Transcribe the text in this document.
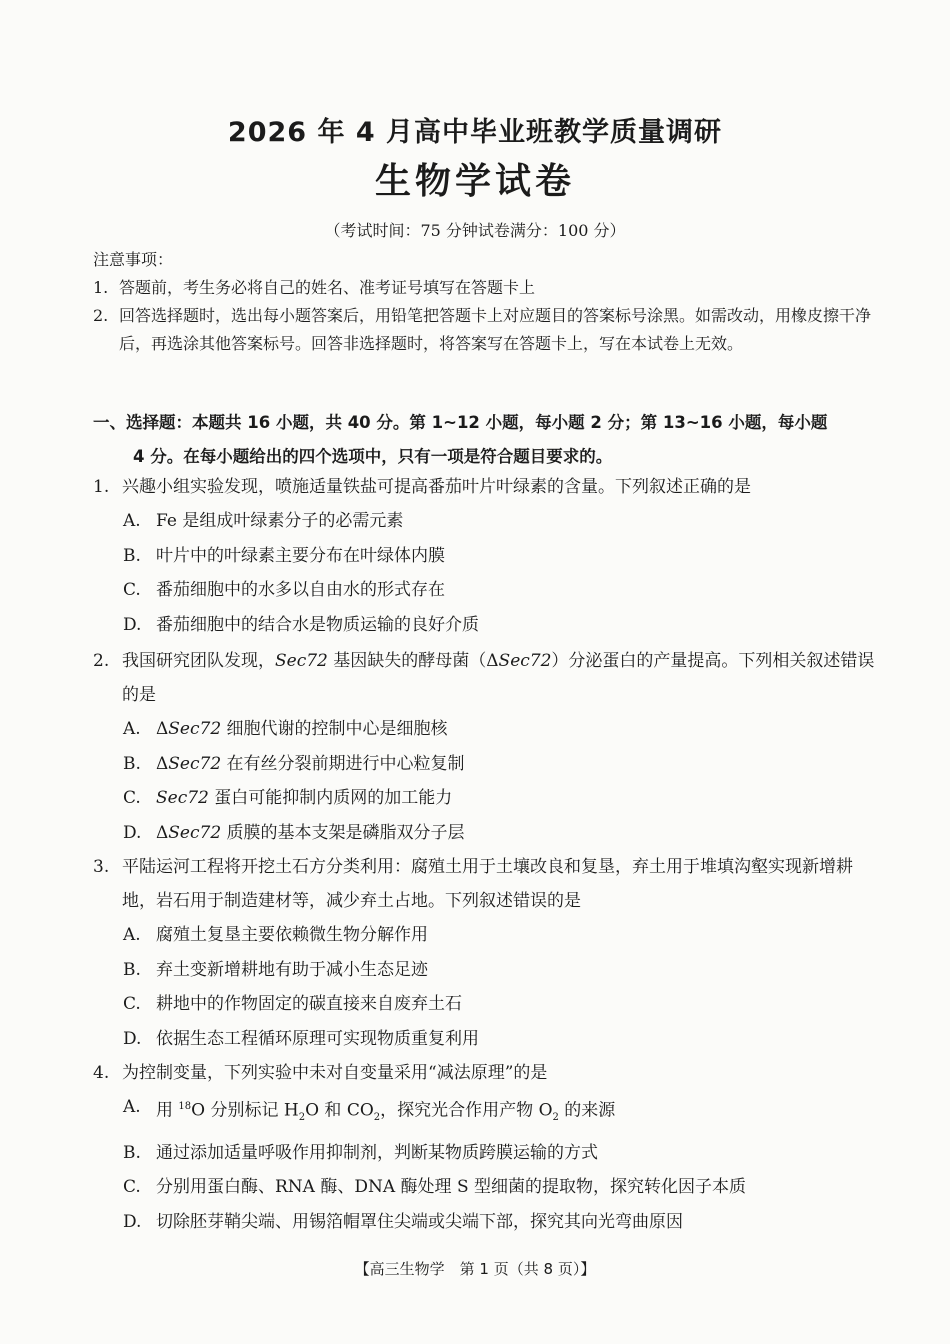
2026 年 4 月高中毕业班教学质量调研
生物学试卷
（考试时间：75 分钟试卷满分：100 分）
注意事项：
1. 答题前，考生务必将自己的姓名、准考证号填写在答题卡上
2. 回答选择题时，选出每小题答案后，用铅笔把答题卡上对应题目的答案标号涂黑。如需改动，用橡皮擦干净后，再选涂其他答案标号。回答非选择题时，将答案写在答题卡上，写在本试卷上无效。
一、选择题：本题共 16 小题，共 40 分。第 1~12 小题，每小题 2 分；第 13~16 小题，每小题
4 分。在每小题给出的四个选项中，只有一项是符合题目要求的。
1. 兴趣小组实验发现，喷施适量铁盐可提高番茄叶片叶绿素的含量。下列叙述正确的是
A. Fe 是组成叶绿素分子的必需元素
B. 叶片中的叶绿素主要分布在叶绿体内膜
C. 番茄细胞中的水多以自由水的形式存在
D. 番茄细胞中的结合水是物质运输的良好介质
2. 我国研究团队发现，Sec72 基因缺失的酵母菌（ΔSec72）分泌蛋白的产量提高。下列相关叙述错误的是
A. ΔSec72 细胞代谢的控制中心是细胞核
B. ΔSec72 在有丝分裂前期进行中心粒复制
C. Sec72 蛋白可能抑制内质网的加工能力
D. ΔSec72 质膜的基本支架是磷脂双分子层
3. 平陆运河工程将开挖土石方分类利用：腐殖土用于土壤改良和复垦，弃土用于堆填沟壑实现新增耕地，岩石用于制造建材等，减少弃土占地。下列叙述错误的是
A. 腐殖土复垦主要依赖微生物分解作用
B. 弃土变新增耕地有助于减小生态足迹
C. 耕地中的作物固定的碳直接来自废弃土石
D. 依据生态工程循环原理可实现物质重复利用
4. 为控制变量，下列实验中未对自变量采用“减法原理”的是
A. 用 $^{18}$O 分别标记 $H_2O$ 和 $CO_2$，探究光合作用产物 $O_2$ 的来源
B. 通过添加适量呼吸作用抑制剂，判断某物质跨膜运输的方式
C. 分别用蛋白酶、RNA 酶、DNA 酶处理 S 型细菌的提取物，探究转化因子本质
D. 切除胚芽鞘尖端、用锡箔帽罩住尖端或尖端下部，探究其向光弯曲原因
【高三生物学　第 1 页（共 8 页）】
